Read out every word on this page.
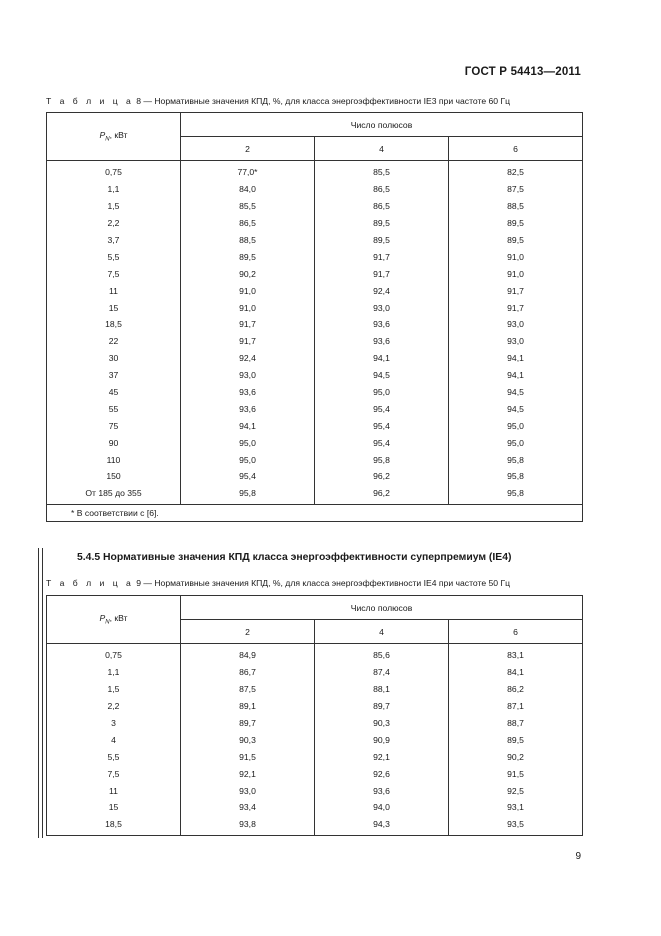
ГОСТ Р 54413—2011
Т а б л и ц а 8 — Нормативные значения КПД, %, для класса энергоэффективности IE3 при частоте 60 Гц
$P_N$, кВт	Число полюсов		
	2	4	6
0,75	77,0*	85,5	82,5
1,1	84,0	86,5	87,5
1,5	85,5	86,5	88,5
2,2	86,5	89,5	89,5
3,7	88,5	89,5	89,5
5,5	89,5	91,7	91,0
7,5	90,2	91,7	91,0
11	91,0	92,4	91,7
15	91,0	93,0	91,7
18,5	91,7	93,6	93,0
22	91,7	93,6	93,0
30	92,4	94,1	94,1
37	93,0	94,5	94,1
45	93,6	95,0	94,5
55	93,6	95,4	94,5
75	94,1	95,4	95,0
90	95,0	95,4	95,0
110	95,0	95,8	95,8
150	95,4	96,2	95,8
От 185 до 355	95,8	96,2	95,8
* В соответствии с [6].			
5.4.5 Нормативные значения КПД класса энергоэффективности суперпремиум (IE4)
Т а б л и ц а 9 — Нормативные значения КПД, %, для класса энергоэффективности IE4 при частоте 50 Гц
$P_N$, кВт	Число полюсов		
	2	4	6
0,75	84,9	85,6	83,1
1,1	86,7	87,4	84,1
1,5	87,5	88,1	86,2
2,2	89,1	89,7	87,1
3	89,7	90,3	88,7
4	90,3	90,9	89,5
5,5	91,5	92,1	90,2
7,5	92,1	92,6	91,5
11	93,0	93,6	92,5
15	93,4	94,0	93,1
18,5	93,8	94,3	93,5
9
